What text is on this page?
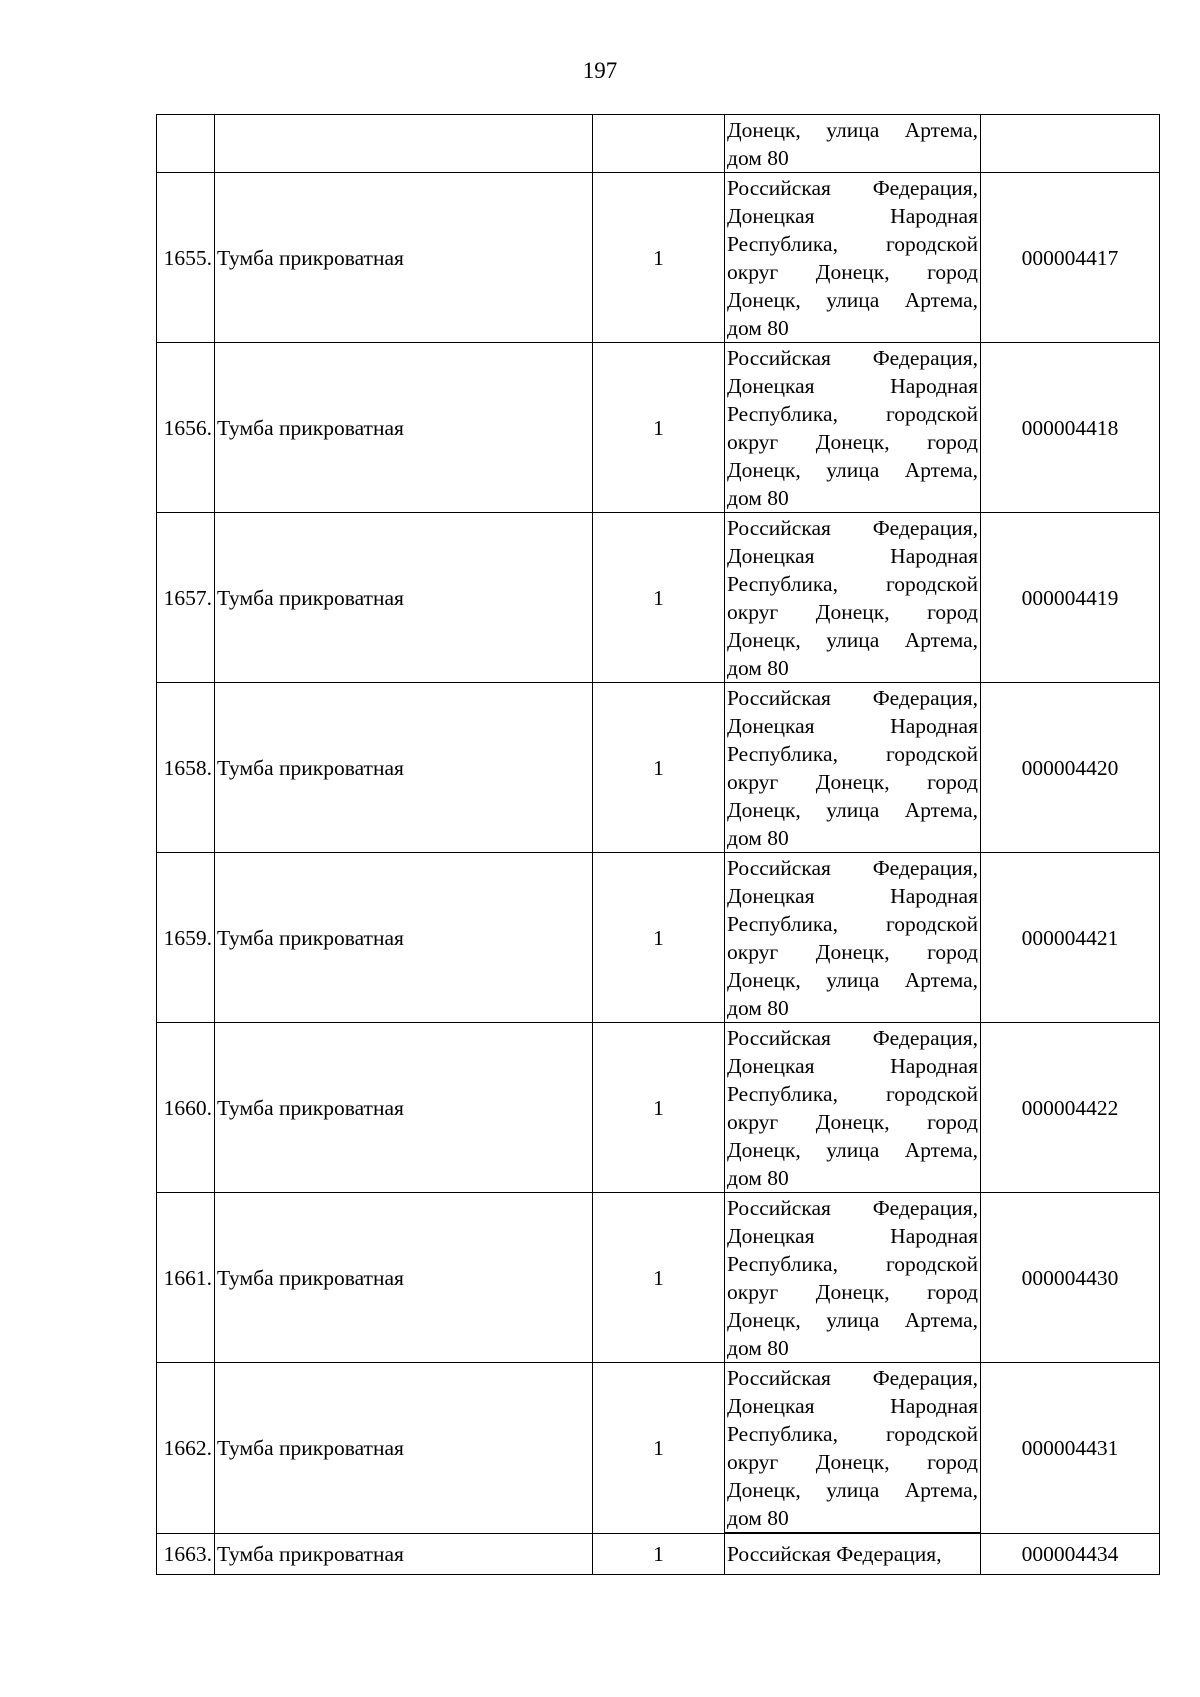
197
			Донецк, улица Артема, дом 80	
1655.	Тумба прикроватная	1	Российская Федерация, Донецкая Народная Республика, городской округ Донецк, город Донецк, улица Артема, дом 80	000004417
1656.	Тумба прикроватная	1	Российская Федерация, Донецкая Народная Республика, городской округ Донецк, город Донецк, улица Артема, дом 80	000004418
1657.	Тумба прикроватная	1	Российская Федерация, Донецкая Народная Республика, городской округ Донецк, город Донецк, улица Артема, дом 80	000004419
1658.	Тумба прикроватная	1	Российская Федерация, Донецкая Народная Республика, городской округ Донецк, город Донецк, улица Артема, дом 80	000004420
1659.	Тумба прикроватная	1	Российская Федерация, Донецкая Народная Республика, городской округ Донецк, город Донецк, улица Артема, дом 80	000004421
1660.	Тумба прикроватная	1	Российская Федерация, Донецкая Народная Республика, городской округ Донецк, город Донецк, улица Артема, дом 80	000004422
1661.	Тумба прикроватная	1	Российская Федерация, Донецкая Народная Республика, городской округ Донецк, город Донецк, улица Артема, дом 80	000004430
1662.	Тумба прикроватная	1	Российская Федерация, Донецкая Народная Республика, городской округ Донецк, город Донецк, улица Артема, дом 80	000004431
1663.	Тумба прикроватная	1	Российская Федерация,	000004434
